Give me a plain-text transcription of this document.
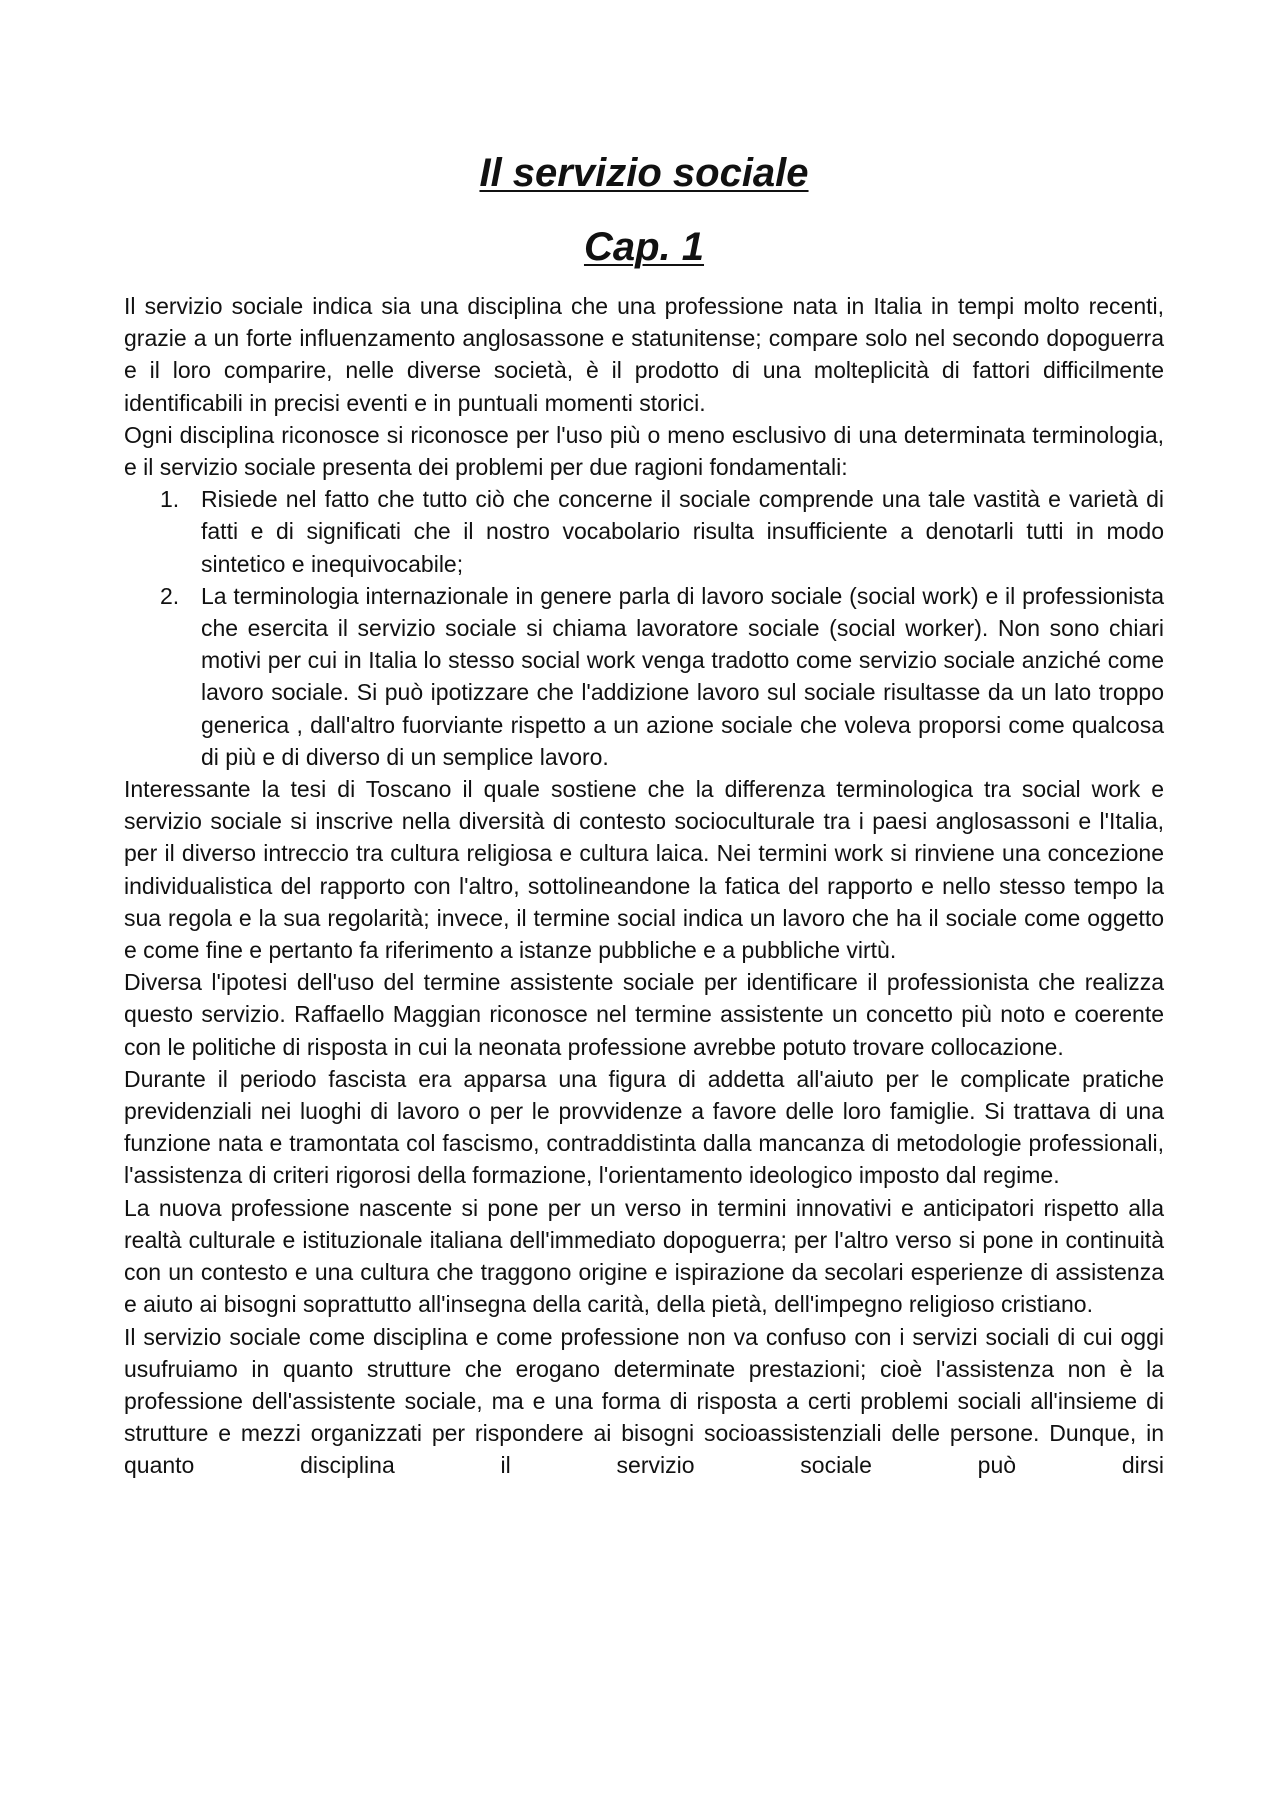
Il servizio sociale
Cap. 1

Il servizio sociale indica sia una disciplina che una professione nata in Italia in tempi molto recenti, grazie a un forte influenzamento anglosassone e statunitense; compare solo nel secondo dopoguerra e il loro comparire, nelle diverse società, è il prodotto di una molteplicità di fattori difficilmente identificabili in precisi eventi e in puntuali momenti storici.

Ogni disciplina riconosce si riconosce per l'uso più o meno esclusivo di una determinata terminologia, e il servizio sociale presenta dei problemi per due ragioni fondamentali:

1. Risiede nel fatto che tutto ciò che concerne il sociale comprende una tale vastità e varietà di fatti e di significati che il nostro vocabolario risulta insufficiente a denotarli tutti in modo sintetico e inequivocabile;
2. La terminologia internazionale in genere parla di lavoro sociale (social work) e il professionista che esercita il servizio sociale si chiama lavoratore sociale (social worker). Non sono chiari motivi per cui in Italia lo stesso social work venga tradotto come servizio sociale anziché come lavoro sociale. Si può ipotizzare che l'addizione lavoro sul sociale risultasse da un lato troppo generica , dall'altro fuorviante rispetto a un azione sociale che voleva proporsi come qualcosa di più e di diverso di un semplice lavoro.

Interessante la tesi di Toscano il quale sostiene che la differenza terminologica tra social work e servizio sociale si inscrive nella diversità di contesto socioculturale tra i paesi anglosassoni e l'Italia, per il diverso intreccio tra cultura religiosa e cultura laica. Nei termini work si rinviene una concezione individualistica del rapporto con l'altro, sottolineandone la fatica del rapporto e nello stesso tempo la sua regola e la sua regolarità; invece, il termine social indica un lavoro che ha il sociale come oggetto e come fine e pertanto fa riferimento a istanze pubbliche e a pubbliche virtù.

Diversa l'ipotesi dell'uso del termine assistente sociale per identificare il professionista che realizza questo servizio. Raffaello Maggian riconosce nel termine assistente un concetto più noto e coerente con le politiche di risposta in cui la neonata professione avrebbe potuto trovare collocazione.

Durante il periodo fascista era apparsa una figura di addetta all'aiuto per le complicate pratiche previdenziali nei luoghi di lavoro o per le provvidenze a favore delle loro famiglie. Si trattava di una funzione nata e tramontata col fascismo, contraddistinta dalla mancanza di metodologie professionali, l'assistenza di criteri rigorosi della formazione, l'orientamento ideologico imposto dal regime.

La nuova professione nascente si pone per un verso in termini innovativi e anticipatori rispetto alla realtà culturale e istituzionale italiana dell'immediato dopoguerra; per l'altro verso si pone in continuità con un contesto e una cultura che traggono origine e ispirazione da secolari esperienze di assistenza e aiuto ai bisogni soprattutto all'insegna della carità, della pietà, dell'impegno religioso cristiano.

Il servizio sociale come disciplina e come professione non va confuso con i servizi sociali di cui oggi usufruiamo in quanto strutture che erogano determinate prestazioni; cioè l'assistenza non è la professione dell'assistente sociale, ma e una forma di risposta a certi problemi sociali all'insieme di strutture e mezzi organizzati per rispondere ai bisogni socioassistenziali delle persone. Dunque, in quanto disciplina il servizio sociale può dirsi
